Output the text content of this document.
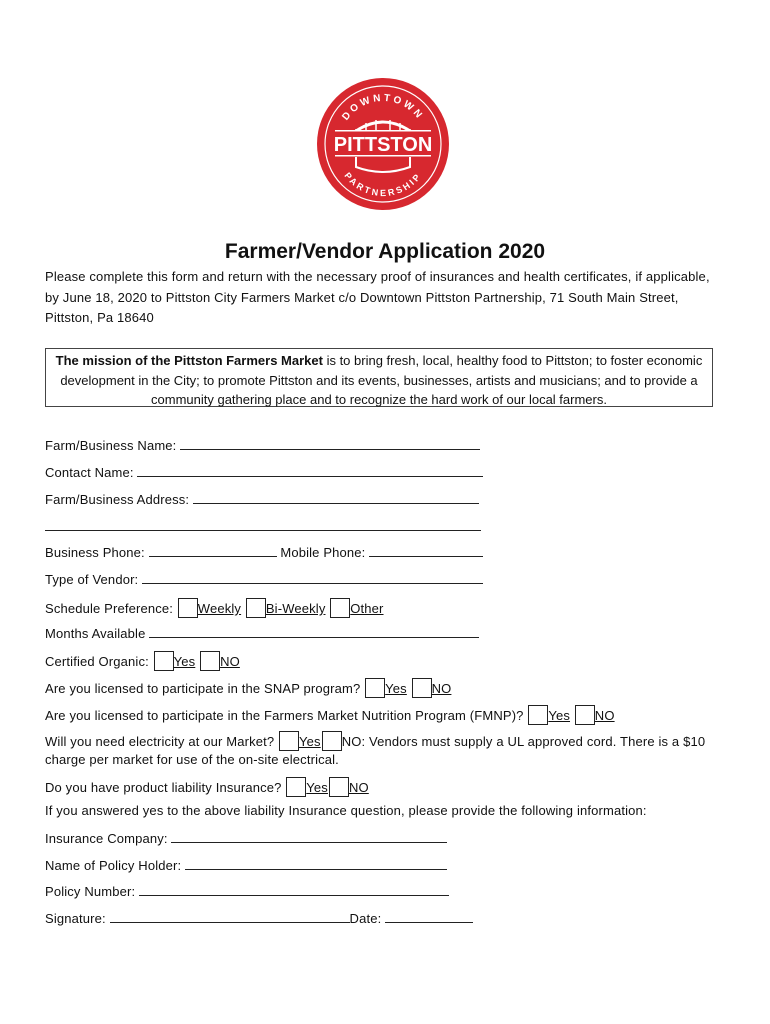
PITTSTON
DOWNTOWN
PARTNERSHIP
Farmer/Vendor Application 2020
Please complete this form and return with the necessary proof of insurances and health certificates, if applicable, by June 18, 2020 to Pittston City Farmers Market c/o Downtown Pittston Partnership, 71 South Main Street, Pittston, Pa 18640
The mission of the Pittston Farmers Market is to bring fresh, local, healthy food to Pittston; to foster economic development in the City; to promote Pittston and its events, businesses, artists and musicians; and to provide a community gathering place and to recognize the hard work of our local farmers.
Farm/Business Name:
Contact Name:
Farm/Business Address:
Business Phone:	Mobile Phone:
Type of Vendor:
Schedule Preference: Weekly Bi-Weekly Other
Months Available
Certified Organic: Yes NO
Are you licensed to participate in the SNAP program? Yes NO
Are you licensed to participate in the Farmers Market Nutrition Program (FMNP)? Yes NO
Will you need electricity at our Market? Yes NO: Vendors must supply a UL approved cord. There is a $10 charge per market for use of the on-site electrical.
Do you have product liability Insurance? Yes NO
If you answered yes to the above liability Insurance question, please provide the following information:
Insurance Company:
Name of Policy Holder:
Policy Number:
Signature:	Date:
